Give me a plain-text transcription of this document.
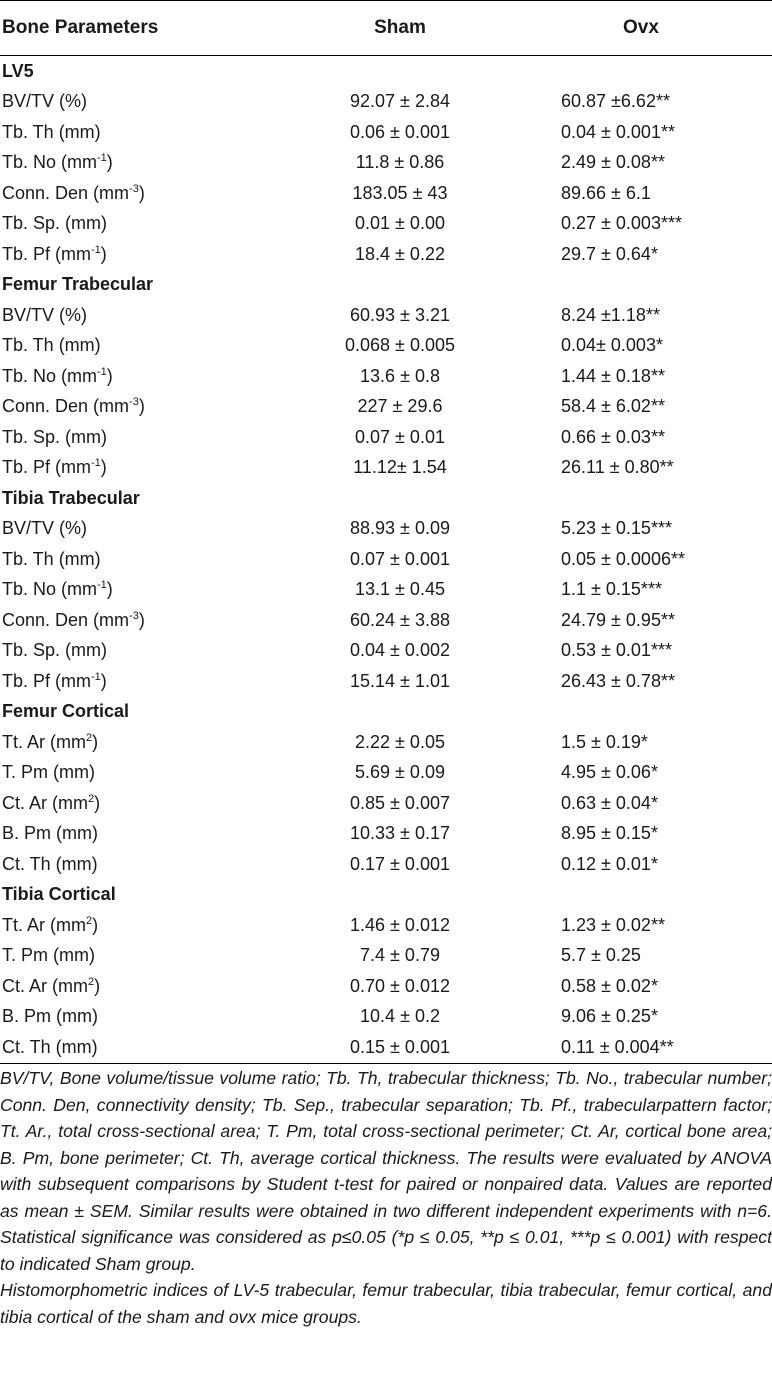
Bone Parameters	Sham	Ovx
LV5
BV/TV (%)	92.07 ± 2.84	60.87 ±6.62**
Tb. Th (mm)	0.06 ± 0.001	0.04 ± 0.001**
Tb. No $(mm^{-1})$	11.8 ± 0.86	2.49 ± 0.08**
Conn. Den $(mm^{-3})$	183.05 ± 43	89.66 ± 6.1
Tb. Sp. (mm)	0.01 ± 0.00	0.27 ± 0.003***
Tb. Pf $(mm^{-1})$	18.4 ± 0.22	29.7 ± 0.64*
Femur Trabecular
BV/TV (%)	60.93 ± 3.21	8.24 ±1.18**
Tb. Th (mm)	0.068 ± 0.005	0.04± 0.003*
Tb. No $(mm^{-1})$	13.6 ± 0.8	1.44 ± 0.18**
Conn. Den $(mm^{-3})$	227 ± 29.6	58.4 ± 6.02**
Tb. Sp. (mm)	0.07 ± 0.01	0.66 ± 0.03**
Tb. Pf $(mm^{-1})$	11.12± 1.54	26.11 ± 0.80**
Tibia Trabecular
BV/TV (%)	88.93 ± 0.09	5.23 ± 0.15***
Tb. Th (mm)	0.07 ± 0.001	0.05 ± 0.0006**
Tb. No $(mm^{-1})$	13.1 ± 0.45	1.1 ± 0.15***
Conn. Den $(mm^{-3})$	60.24 ± 3.88	24.79 ± 0.95**
Tb. Sp. (mm)	0.04 ± 0.002	0.53 ± 0.01***
Tb. Pf $(mm^{-1})$	15.14 ± 1.01	26.43 ± 0.78**
Femur Cortical
Tt. Ar $(mm^2)$	2.22 ± 0.05	1.5 ± 0.19*
T. Pm (mm)	5.69 ± 0.09	4.95 ± 0.06*
Ct. Ar $(mm^2)$	0.85 ± 0.007	0.63 ± 0.04*
B. Pm (mm)	10.33 ± 0.17	8.95 ± 0.15*
Ct. Th (mm)	0.17 ± 0.001	0.12 ± 0.01*
Tibia Cortical
Tt. Ar $(mm^2)$	1.46 ± 0.012	1.23 ± 0.02**
T. Pm (mm)	7.4 ± 0.79	5.7 ± 0.25
Ct. Ar $(mm^2)$	0.70 ± 0.012	0.58 ± 0.02*
B. Pm (mm)	10.4 ± 0.2	9.06 ± 0.25*
Ct. Th (mm)	0.15 ± 0.001	0.11 ± 0.004**

BV/TV, Bone volume/tissue volume ratio; Tb. Th, trabecular thickness; Tb. No., trabecular number; Conn. Den, connectivity density; Tb. Sep., trabecular separation; Tb. Pf., trabecularpattern factor; Tt. Ar., total cross-sectional area; T. Pm, total cross-sectional perimeter; Ct. Ar, cortical bone area; B. Pm, bone perimeter; Ct. Th, average cortical thickness. The results were evaluated by ANOVA with subsequent comparisons by Student t-test for paired or nonpaired data. Values are reported as mean ± SEM. Similar results were obtained in two different independent experiments with n=6. Statistical significance was considered as p≤0.05 (*p ≤ 0.05, **p ≤ 0.01, ***p ≤ 0.001) with respect to indicated Sham group.

Histomorphometric indices of LV-5 trabecular, femur trabecular, tibia trabecular, femur cortical, and tibia cortical of the sham and ovx mice groups.
